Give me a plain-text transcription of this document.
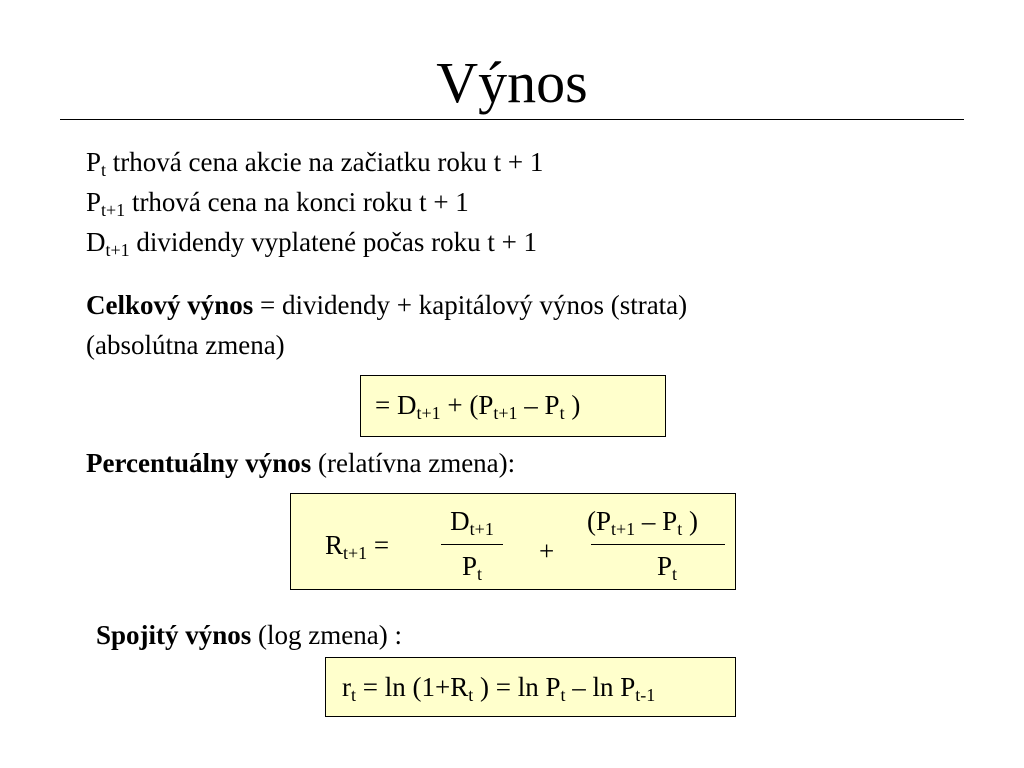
Výnos
$P_t$ trhová cena akcie na začiatku roku t + 1
$P_{t+1}$ trhová cena na konci roku t + 1
$D_{t+1}$ dividendy vyplatené počas roku t + 1
Celkový výnos = dividendy + kapitálový výnos (strata)
(absolútna zmena)
= $D_{t+1} + (P_{t+1} - P_t$ )
Percentuálny výnos (relatívna zmena):
$R_{t+1}$ =
$D_{t+1}$
$P_t$
+
($P_{t+1} - P_t$ )
$P_t$
Spojitý výnos (log zmena) :
$r_t = \ln (1+R_t$ ) = $\ln P_t$ – $\ln P_{t-1}$
